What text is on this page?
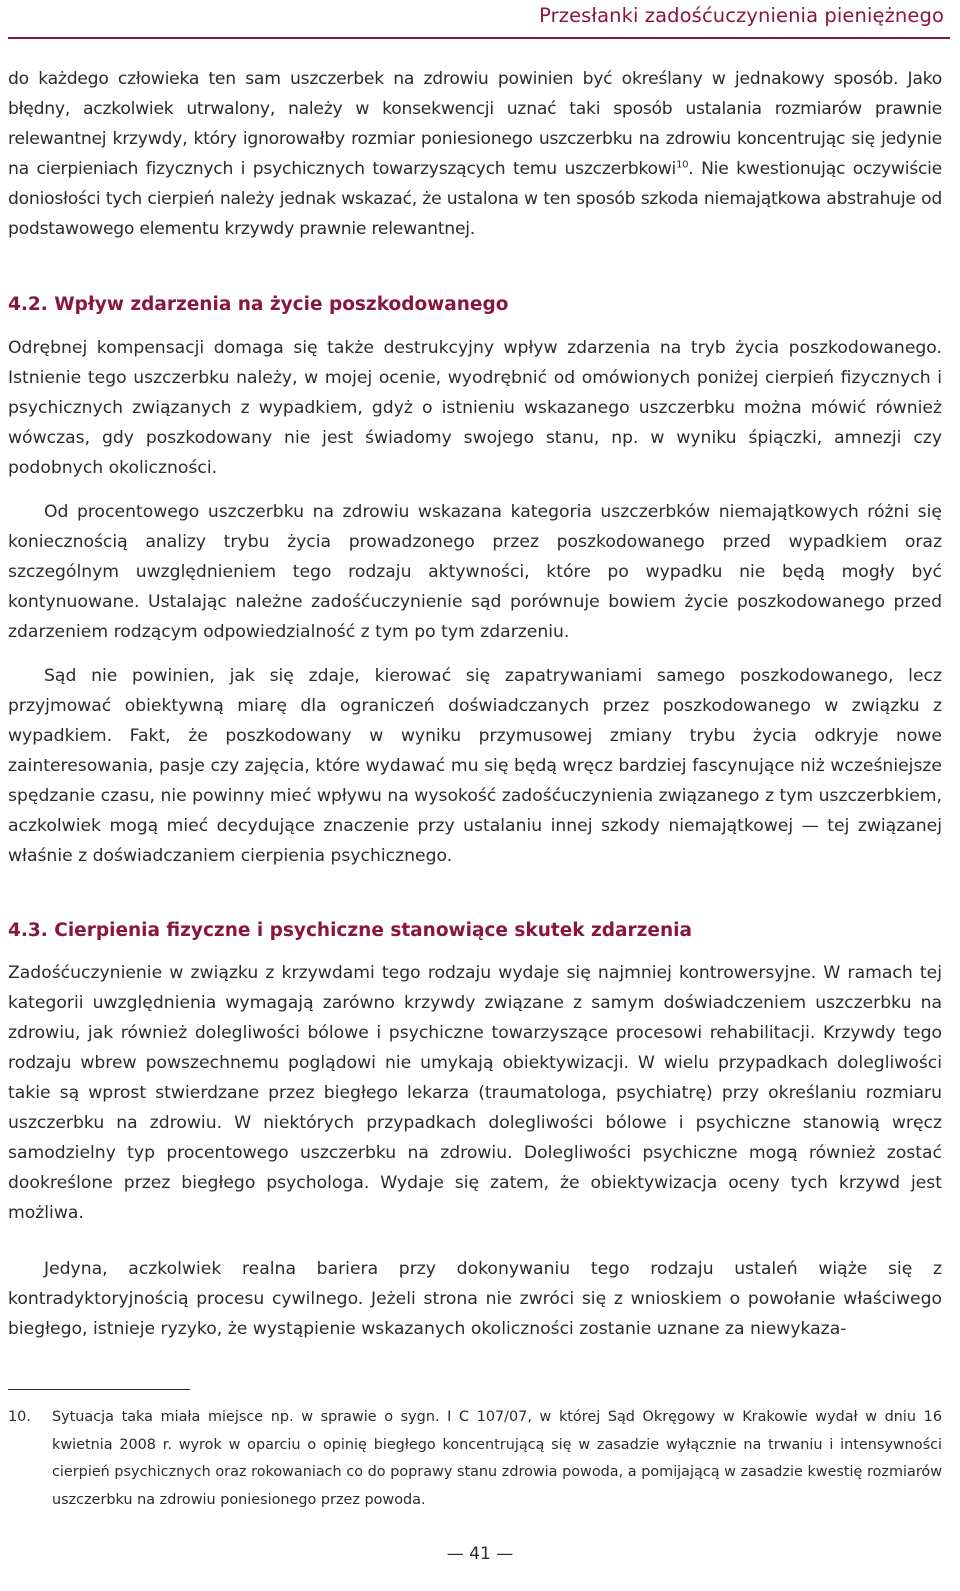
Przesłanki zadośćuczynienia pieniężnego

do każdego człowieka ten sam uszczerbek na zdrowiu powinien być określany w jednakowy sposób. Jako błędny, aczkolwiek utrwalony, należy w konsekwencji uznać taki sposób ustalania rozmiarów prawnie relewantnej krzywdy, który ignorowałby rozmiar poniesionego uszczerbku na zdrowiu koncentrując się jedynie na cierpieniach fizycznych i psychicznych towarzyszących temu uszczerbkowi$^{10}$. Nie kwestionując oczywiście doniosłości tych cierpień należy jednak wskazać, że ustalona w ten sposób szkoda niemajątkowa abstrahuje od podstawowego elementu krzywdy prawnie relewantnej.

4.2. Wpływ zdarzenia na życie poszkodowanego

Odrębnej kompensacji domaga się także destrukcyjny wpływ zdarzenia na tryb życia poszkodowanego. Istnienie tego uszczerbku należy, w mojej ocenie, wyodrębnić od omówionych poniżej cierpień fizycznych i psychicznych związanych z wypadkiem, gdyż o istnieniu wskazanego uszczerbku można mówić również wówczas, gdy poszkodowany nie jest świadomy swojego stanu, np. w wyniku śpiączki, amnezji czy podobnych okoliczności.

Od procentowego uszczerbku na zdrowiu wskazana kategoria uszczerbków niemajątkowych różni się koniecznością analizy trybu życia prowadzonego przez poszkodowanego przed wypadkiem oraz szczególnym uwzględnieniem tego rodzaju aktywności, które po wypadku nie będą mogły być kontynuowane. Ustalając należne zadośćuczynienie sąd porównuje bowiem życie poszkodowanego przed zdarzeniem rodzącym odpowiedzialność z tym po tym zdarzeniu.

Sąd nie powinien, jak się zdaje, kierować się zapatrywaniami samego poszkodowanego, lecz przyjmować obiektywną miarę dla ograniczeń doświadczanych przez poszkodowanego w związku z wypadkiem. Fakt, że poszkodowany w wyniku przymusowej zmiany trybu życia odkryje nowe zainteresowania, pasje czy zajęcia, które wydawać mu się będą wręcz bardziej fascynujące niż wcześniejsze spędzanie czasu, nie powinny mieć wpływu na wysokość zadośćuczynienia związanego z tym uszczerbkiem, aczkolwiek mogą mieć decydujące znaczenie przy ustalaniu innej szkody niemajątkowej — tej związanej właśnie z doświadczaniem cierpienia psychicznego.

4.3. Cierpienia fizyczne i psychiczne stanowiące skutek zdarzenia

Zadośćuczynienie w związku z krzywdami tego rodzaju wydaje się najmniej kontrowersyjne. W ramach tej kategorii uwzględnienia wymagają zarówno krzywdy związane z samym doświadczeniem uszczerbku na zdrowiu, jak również dolegliwości bólowe i psychiczne towarzyszące procesowi rehabilitacji. Krzywdy tego rodzaju wbrew powszechnemu poglądowi nie umykają obiektywizacji. W wielu przypadkach dolegliwości takie są wprost stwierdzane przez biegłego lekarza (traumatologa, psychiatrę) przy określaniu rozmiaru uszczerbku na zdrowiu. W niektórych przypadkach dolegliwości bólowe i psychiczne stanowią wręcz samodzielny typ procentowego uszczerbku na zdrowiu. Dolegliwości psychiczne mogą również zostać dookreślone przez biegłego psychologa. Wydaje się zatem, że obiektywizacja oceny tych krzywd jest możliwa.

Jedyna, aczkolwiek realna bariera przy dokonywaniu tego rodzaju ustaleń wiąże się z kontradyktoryjnością procesu cywilnego. Jeżeli strona nie zwróci się z wnioskiem o powołanie właściwego biegłego, istnieje ryzyko, że wystąpienie wskazanych okoliczności zostanie uznane za niewykaza-

10. Sytuacja taka miała miejsce np. w sprawie o sygn. I C 107/07, w której Sąd Okręgowy w Krakowie wydał w dniu 16 kwietnia 2008 r. wyrok w oparciu o opinię biegłego koncentrującą się w zasadzie wyłącznie na trwaniu i intensywności cierpień psychicznych oraz rokowaniach co do poprawy stanu zdrowia powoda, a pomijającą w zasadzie kwestię rozmiarów uszczerbku na zdrowiu poniesionego przez powoda.
— 41 —
